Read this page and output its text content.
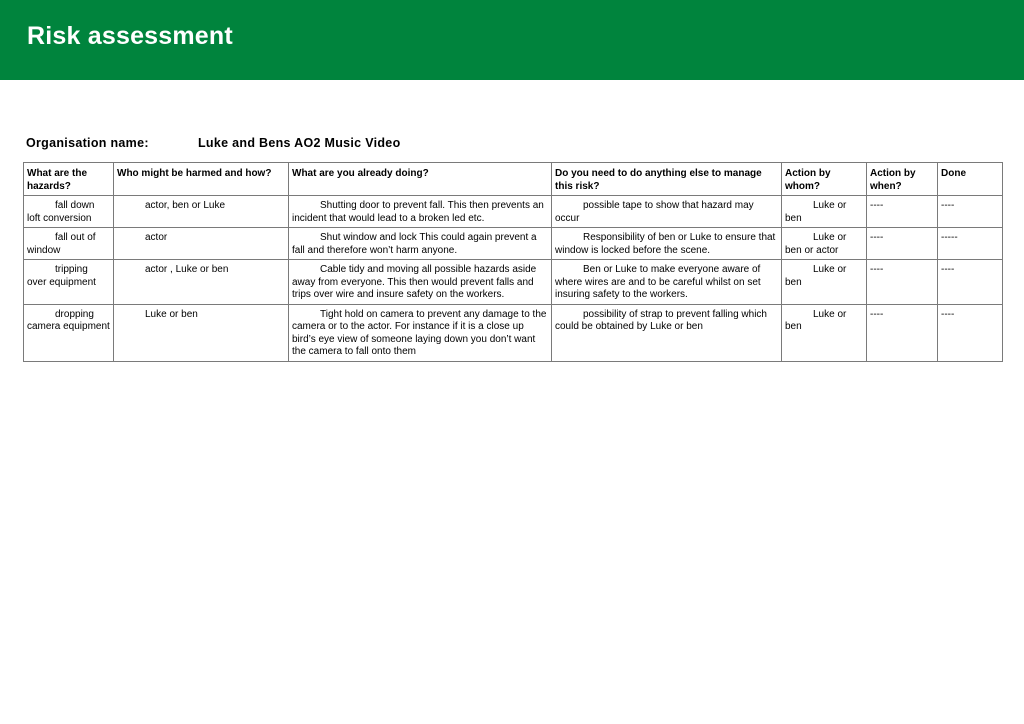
Risk assessment
Organisation name:	Luke and Bens AO2 Music Video
What are the hazards?	Who might be harmed and how?	What are you already doing?	Do you need to do anything else to manage this risk?	Action by whom?	Action by when?	Done
fall down loft conversion	actor, ben or Luke	Shutting door to prevent fall. This then prevents an incident that would lead to a broken led etc.	possible tape to show that hazard may occur	Luke or ben	----	----
fall out of window	actor	Shut window and lock This could again prevent a fall and therefore won’t harm anyone.	Responsibility of ben or Luke to ensure that window is locked before the scene.	Luke or ben or actor	----	-----
tripping over equipment	actor , Luke or ben	Cable tidy and moving all possible hazards aside away from everyone. This then would prevent falls and trips over wire and insure safety on the workers.	Ben or Luke to make everyone aware of where wires are and to be careful whilst on set insuring safety to the workers.	Luke or ben	----	----
dropping camera equipment	Luke or ben	Tight hold on camera to prevent any damage to the camera or to the actor. For instance if it is a close up bird’s eye view of someone laying down you don’t want the camera to fall onto them	possibility of strap to prevent falling which could be obtained by Luke or ben	Luke or ben	----	----
